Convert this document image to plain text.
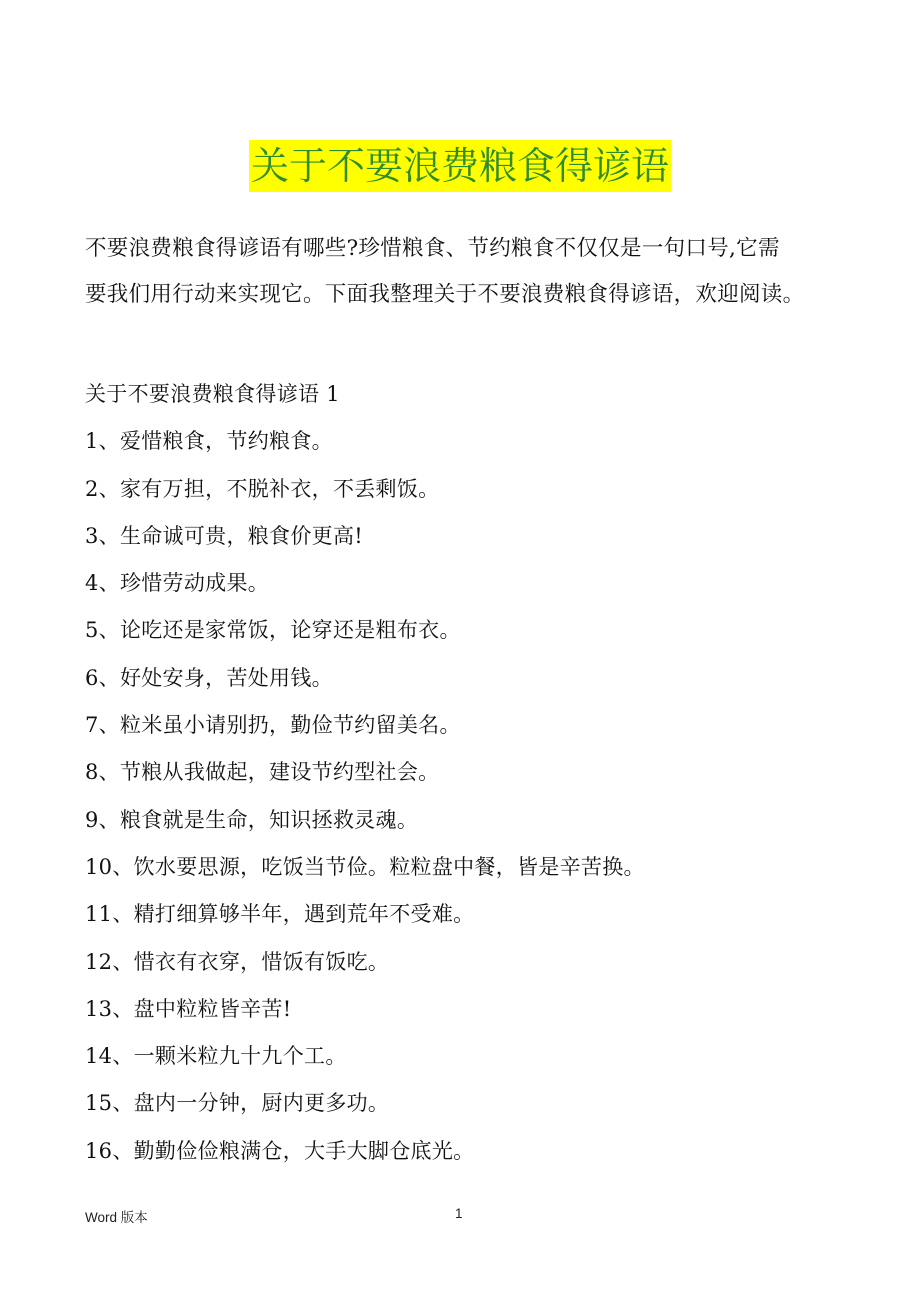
关于不要浪费粮食得谚语

不要浪费粮食得谚语有哪些?珍惜粮食、节约粮食不仅仅是一句口号,它需

要我们用行动来实现它。下面我整理关于不要浪费粮食得谚语，欢迎阅读。

关于不要浪费粮食得谚语 1
1、爱惜粮食，节约粮食。
2、家有万担，不脱补衣，不丢剩饭。
3、生命诚可贵，粮食价更高!
4、珍惜劳动成果。
5、论吃还是家常饭，论穿还是粗布衣。
6、好处安身，苦处用钱。
7、粒米虽小请别扔，勤俭节约留美名。
8、节粮从我做起，建设节约型社会。
9、粮食就是生命，知识拯救灵魂。
10、饮水要思源，吃饭当节俭。粒粒盘中餐，皆是辛苦换。
11、精打细算够半年，遇到荒年不受难。
12、惜衣有衣穿，惜饭有饭吃。
13、盘中粒粒皆辛苦!
14、一颗米粒九十九个工。
15、盘内一分钟，厨内更多功。
16、勤勤俭俭粮满仓，大手大脚仓底光。
Word 版本	1
